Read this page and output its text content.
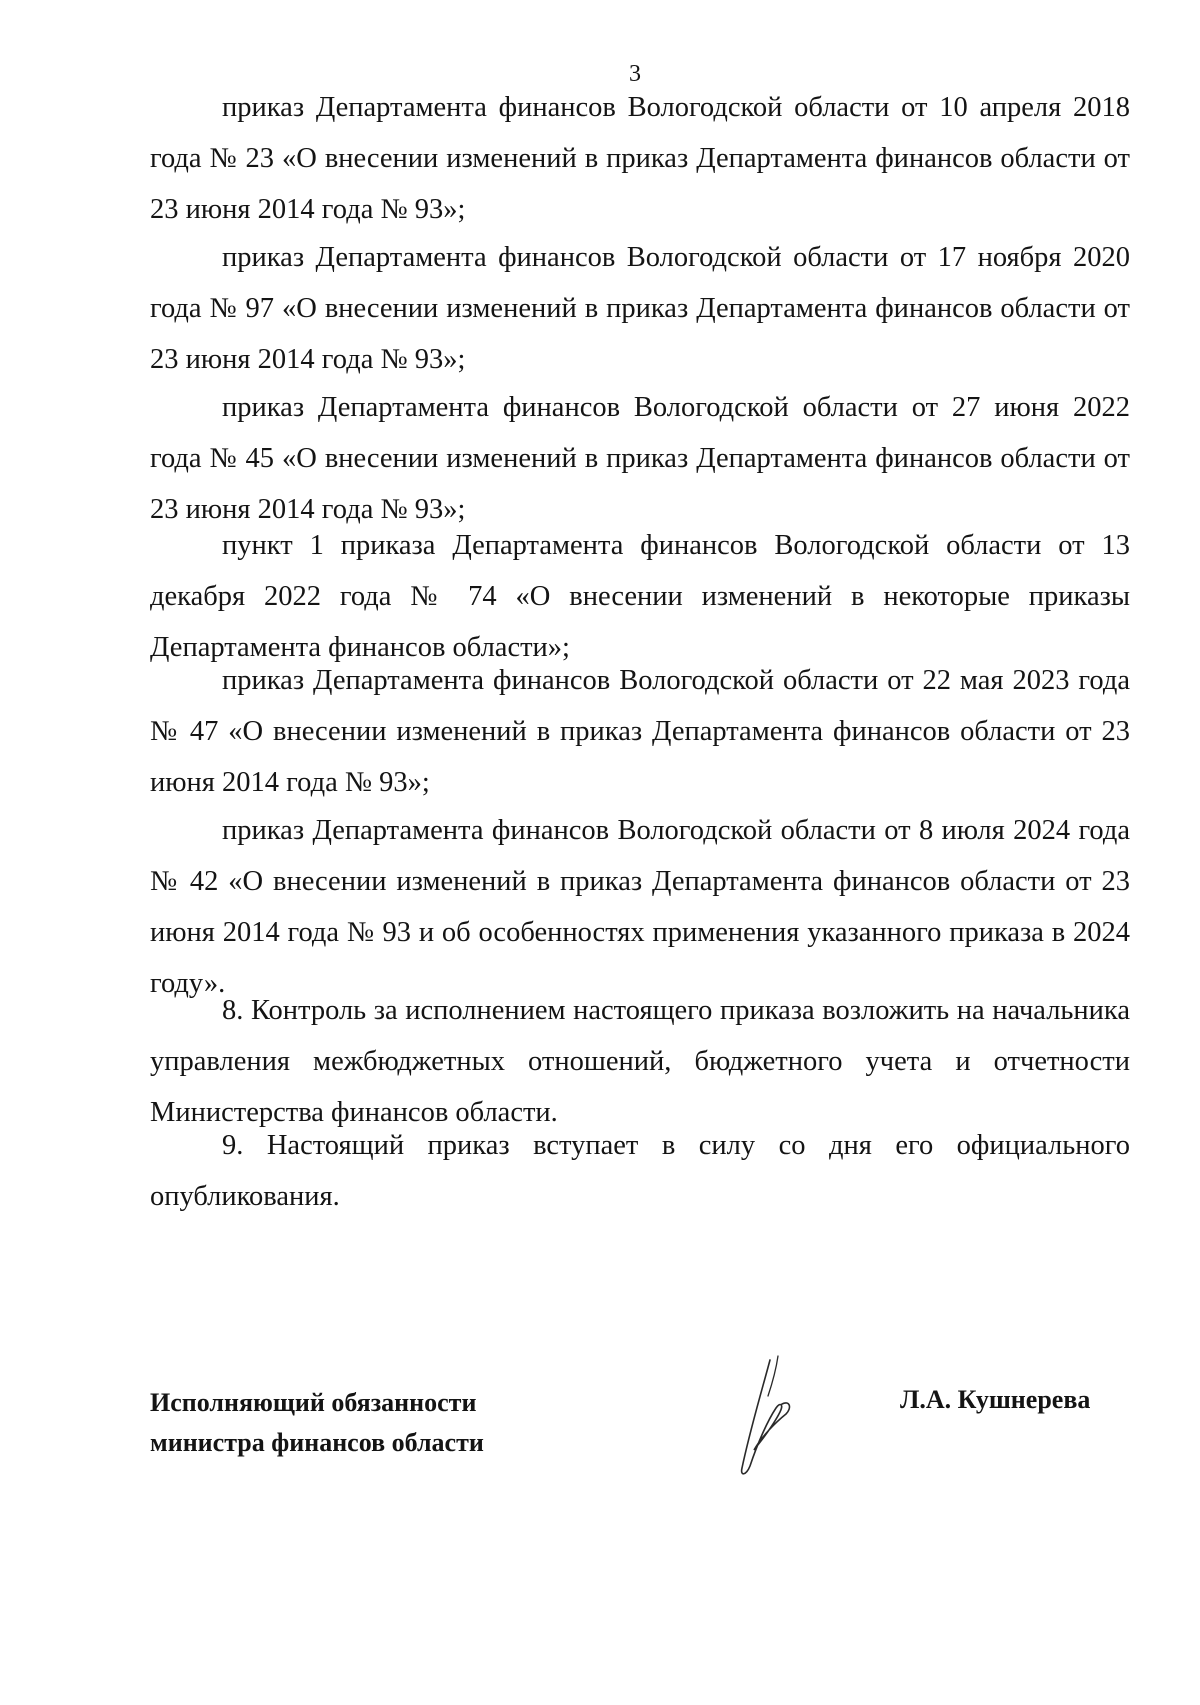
3

приказ Департамента финансов Вологодской области от 10 апреля 2018 года № 23 «О внесении изменений в приказ Департамента финансов области от 23 июня 2014 года № 93»;

приказ Департамента финансов Вологодской области от 17 ноября 2020 года № 97 «О внесении изменений в приказ Департамента финансов области от 23 июня 2014 года № 93»;

приказ Департамента финансов Вологодской области от 27 июня 2022 года № 45 «О внесении изменений в приказ Департамента финансов области от 23 июня 2014 года № 93»;

пункт 1 приказа Департамента финансов Вологодской области от 13 декабря 2022 года № 74 «О внесении изменений в некоторые приказы Департамента финансов области»;

приказ Департамента финансов Вологодской области от 22 мая 2023 года № 47 «О внесении изменений в приказ Департамента финансов области от 23 июня 2014 года № 93»;

приказ Департамента финансов Вологодской области от 8 июля 2024 года № 42 «О внесении изменений в приказ Департамента финансов области от 23 июня 2014 года № 93 и об особенностях применения указанного приказа в 2024 году».

8. Контроль за исполнением настоящего приказа возложить на начальника управления межбюджетных отношений, бюджетного учета и отчетности Министерства финансов области.

9. Настоящий приказ вступает в силу со дня его официального опубликования.

Исполняющий обязанности
министра финансов области
Л.А. Кушнерева
